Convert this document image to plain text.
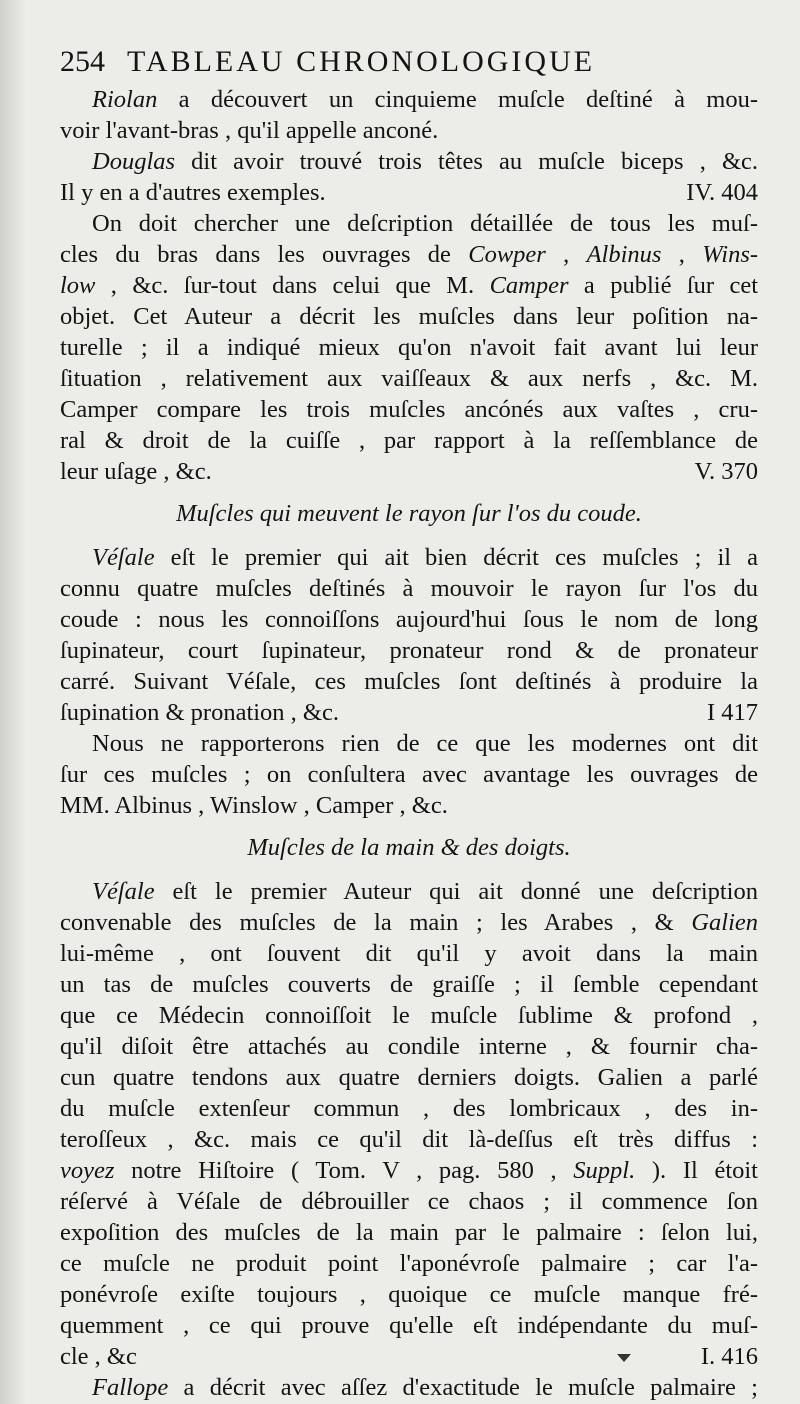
254 TABLEAU CHRONOLOGIQUE
Riolan a découvert un cinquieme muſcle deſtiné à mou-
voir l'avant-bras , qu'il appelle anconé.
Douglas dit avoir trouvé trois têtes au muſcle biceps , &c.
Il y en a d'autres exemples.	IV. 404
On doit chercher une deſcription détaillée de tous les muſ-
cles du bras dans les ouvrages de Cowper , Albinus , Wins-
low , &c. ſur-tout dans celui que M. Camper a publié ſur cet
objet. Cet Auteur a décrit les muſcles dans leur poſition na-
turelle ; il a indiqué mieux qu'on n'avoit fait avant lui leur
ſituation , relativement aux vaiſſeaux & aux nerfs , &c. M.
Camper compare les trois muſcles ancónés aux vaſtes , cru-
ral & droit de la cuiſſe , par rapport à la reſſemblance de
leur uſage , &c.	V. 370
Muſcles qui meuvent le rayon ſur l'os du coude.
Véſale eſt le premier qui ait bien décrit ces muſcles ; il a
connu quatre muſcles deſtinés à mouvoir le rayon ſur l'os du
coude : nous les connoiſſons aujourd'hui ſous le nom de long
ſupinateur, court ſupinateur, pronateur rond & de pronateur
carré. Suivant Véſale, ces muſcles ſont deſtinés à produire la
ſupination & pronation , &c.	I 417
Nous ne rapporterons rien de ce que les modernes ont dit
ſur ces muſcles ; on conſultera avec avantage les ouvrages de
MM. Albinus , Winslow , Camper , &c.
Muſcles de la main & des doigts.
Véſale eſt le premier Auteur qui ait donné une deſcription
convenable des muſcles de la main ; les Arabes , & Galien
lui-même , ont ſouvent dit qu'il y avoit dans la main
un tas de muſcles couverts de graiſſe ; il ſemble cependant
que ce Médecin connoiſſoit le muſcle ſublime & profond ,
qu'il diſoit être attachés au condile interne , & fournir cha-
cun quatre tendons aux quatre derniers doigts. Galien a parlé
du muſcle extenſeur commun , des lombricaux , des in-
teroſſeux , &c. mais ce qu'il dit là-deſſus eſt très diffus :
voyez notre Hiſtoire ( Tom. V , pag. 580 , Suppl. ). Il étoit
réſervé à Véſale de débrouiller ce chaos ; il commence ſon
expoſition des muſcles de la main par le palmaire : ſelon lui,
ce muſcle ne produit point l'aponévroſe palmaire ; car l'a-
ponévroſe exiſte toujours , quoique ce muſcle manque fré-
quemment , ce qui prouve qu'elle eſt indépendante du muſ-
cle , &c	I. 416
Fallope a décrit avec aſſez d'exactitude le muſcle palmaire ;
